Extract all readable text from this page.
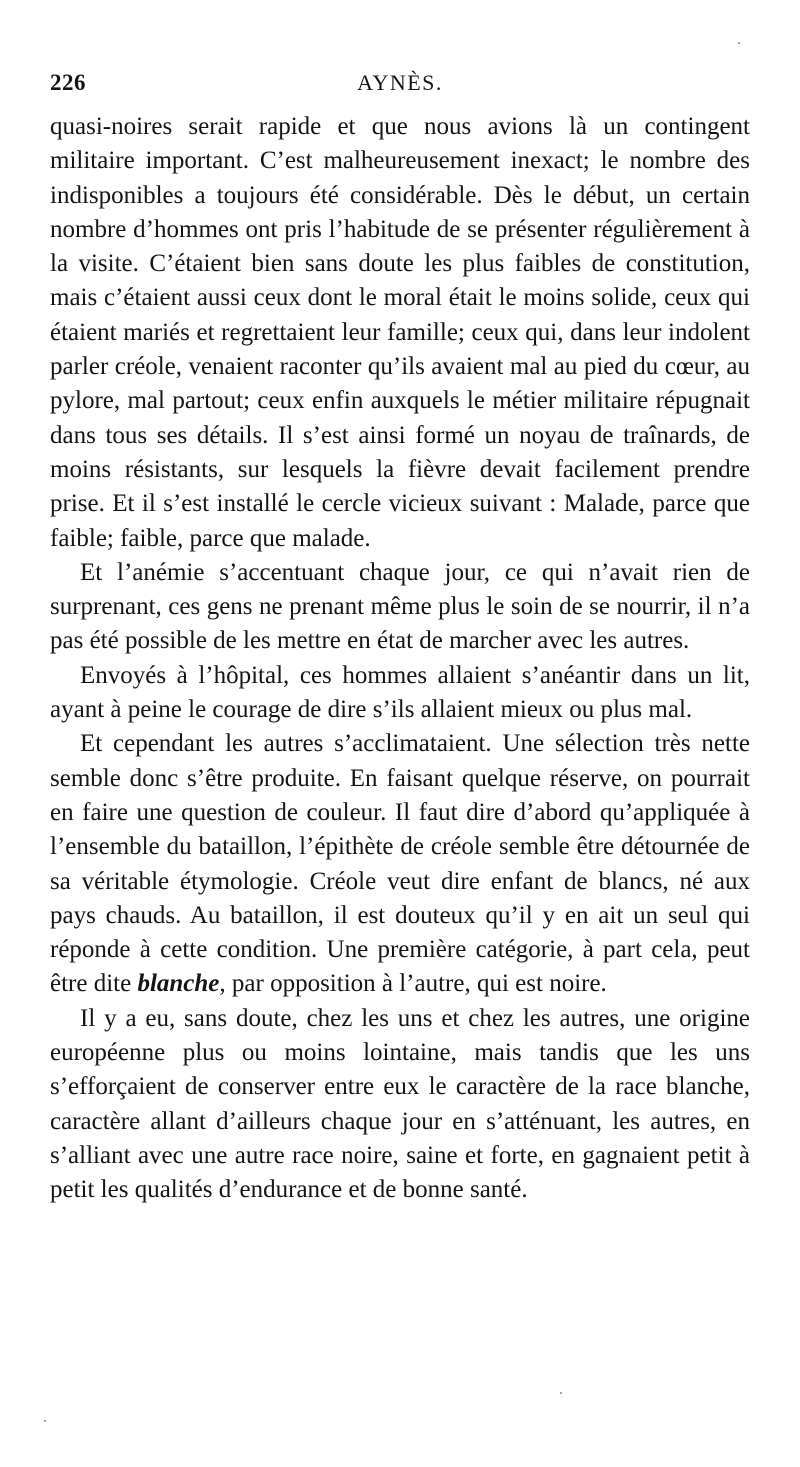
226	AYNÈS.

quasi-noires serait rapide et que nous avions là un contingent militaire important. C’est malheureusement inexact; le nombre des indisponibles a toujours été considérable. Dès le début, un certain nombre d’hommes ont pris l’habitude de se présenter régulièrement à la visite. C’étaient bien sans doute les plus faibles de constitution, mais c’étaient aussi ceux dont le moral était le moins solide, ceux qui étaient mariés et regrettaient leur famille; ceux qui, dans leur indolent parler créole, venaient raconter qu’ils avaient mal au pied du cœur, au pylore, mal partout; ceux enfin auxquels le métier militaire répugnait dans tous ses détails. Il s’est ainsi formé un noyau de traînards, de moins résistants, sur lesquels la fièvre devait facilement prendre prise. Et il s’est installé le cercle vicieux suivant : Malade, parce que faible; faible, parce que malade.

Et l’anémie s’accentuant chaque jour, ce qui n’avait rien de surprenant, ces gens ne prenant même plus le soin de se nourrir, il n’a pas été possible de les mettre en état de marcher avec les autres.

Envoyés à l’hôpital, ces hommes allaient s’anéantir dans un lit, ayant à peine le courage de dire s’ils allaient mieux ou plus mal.

Et cependant les autres s’acclimataient. Une sélection très nette semble donc s’être produite. En faisant quelque réserve, on pourrait en faire une question de couleur. Il faut dire d’abord qu’appliquée à l’ensemble du bataillon, l’épithète de créole semble être détournée de sa véritable étymologie. Créole veut dire enfant de blancs, né aux pays chauds. Au bataillon, il est douteux qu’il y en ait un seul qui réponde à cette condition. Une première catégorie, à part cela, peut être dite blanche, par opposition à l’autre, qui est noire.

Il y a eu, sans doute, chez les uns et chez les autres, une origine européenne plus ou moins lointaine, mais tandis que les uns s’efforçaient de conserver entre eux le caractère de la race blanche, caractère allant d’ailleurs chaque jour en s’atténuant, les autres, en s’alliant avec une autre race noire, saine et forte, en gagnaient petit à petit les qualités d’endurance et de bonne santé.
